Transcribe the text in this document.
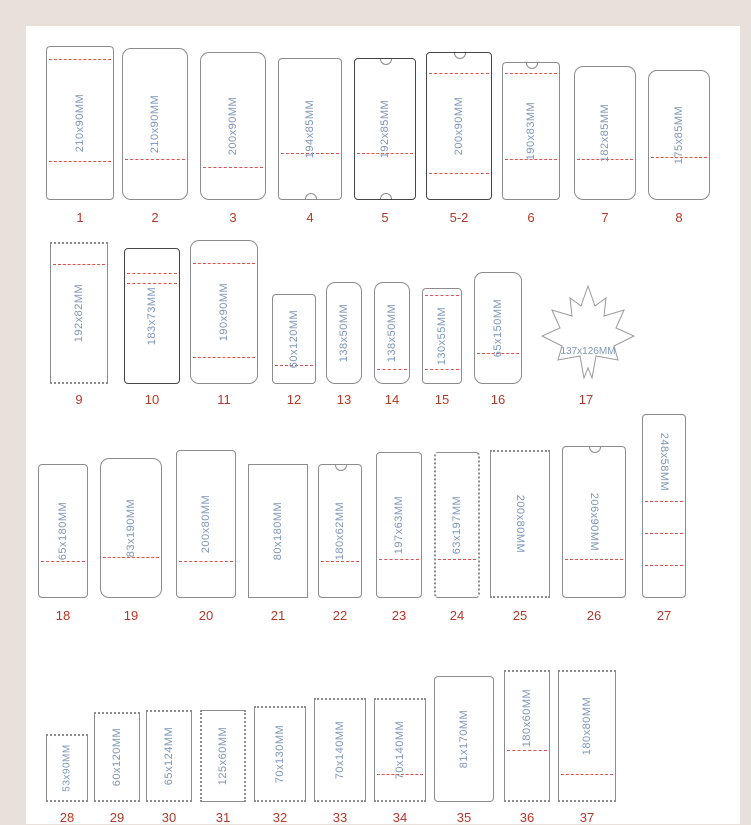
210x90MM
1
210x90MM
2
200x90MM
3
194x85MM
4
192x85MM
5
200x90MM
5-2
190x83MM
6
182x85MM
7
175x85MM
8
192x82MM
9
183x73MM
10
190x90MM
11
60x120MM
12
138x50MM
13
138x50MM
14
130x55MM
15
65x150MM
16
137x126MM
17
65x180MM
18
83x190MM
19
200x80MM
20
80x180MM
21
180x62MM
22
197x63MM
23
63x197MM
24
200x80MM
25
206x90MM
26
248x58MM
27
53x90MM
28
60x120MM
29
65x124MM
30
125x60MM
31
70x130MM
32
70x140MM
33
70x140MM
34
81x170MM
35
180x60MM
36
180x80MM
37
